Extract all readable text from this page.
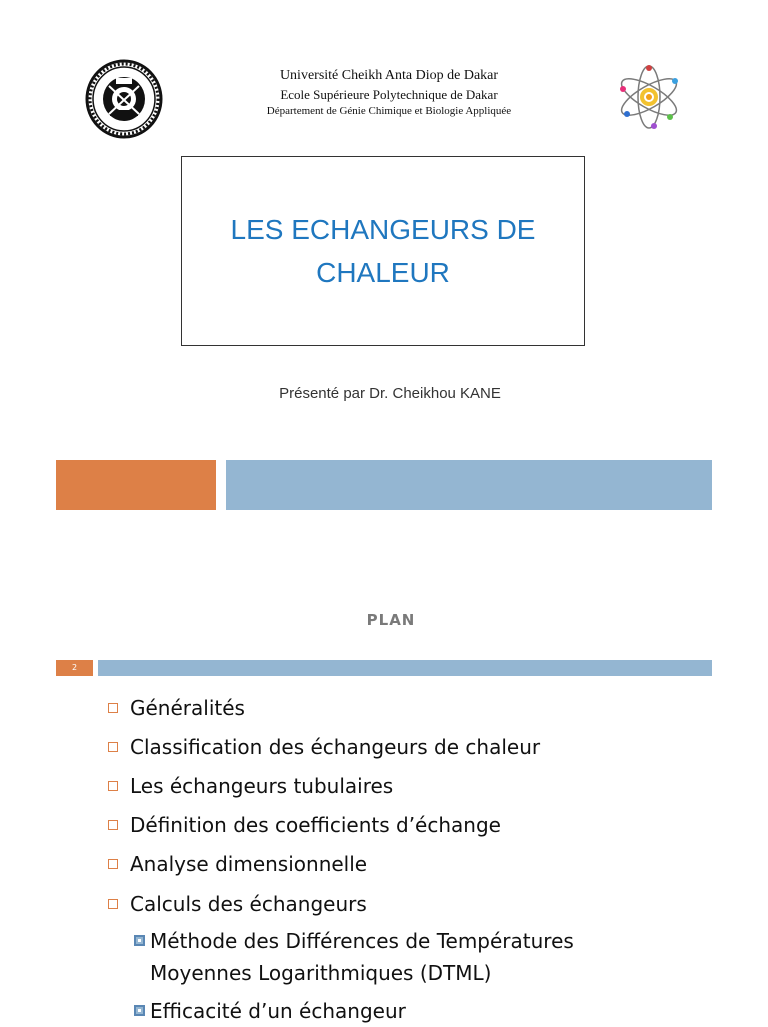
Université Cheikh Anta Diop de Dakar
Ecole Supérieure Polytechnique de Dakar
Département de Génie Chimique et Biologie Appliquée
LES ECHANGEURS DE
CHALEUR
Présenté par Dr. Cheikhou KANE
PLAN
2
Généralités
Classification des échangeurs de chaleur
Les échangeurs tubulaires
Définition des coefficients d’échange
Analyse dimensionnelle
Calculs des échangeurs
Méthode des Différences de Températures Moyennes Logarithmiques (DTML)
Efficacité d’un échangeur
